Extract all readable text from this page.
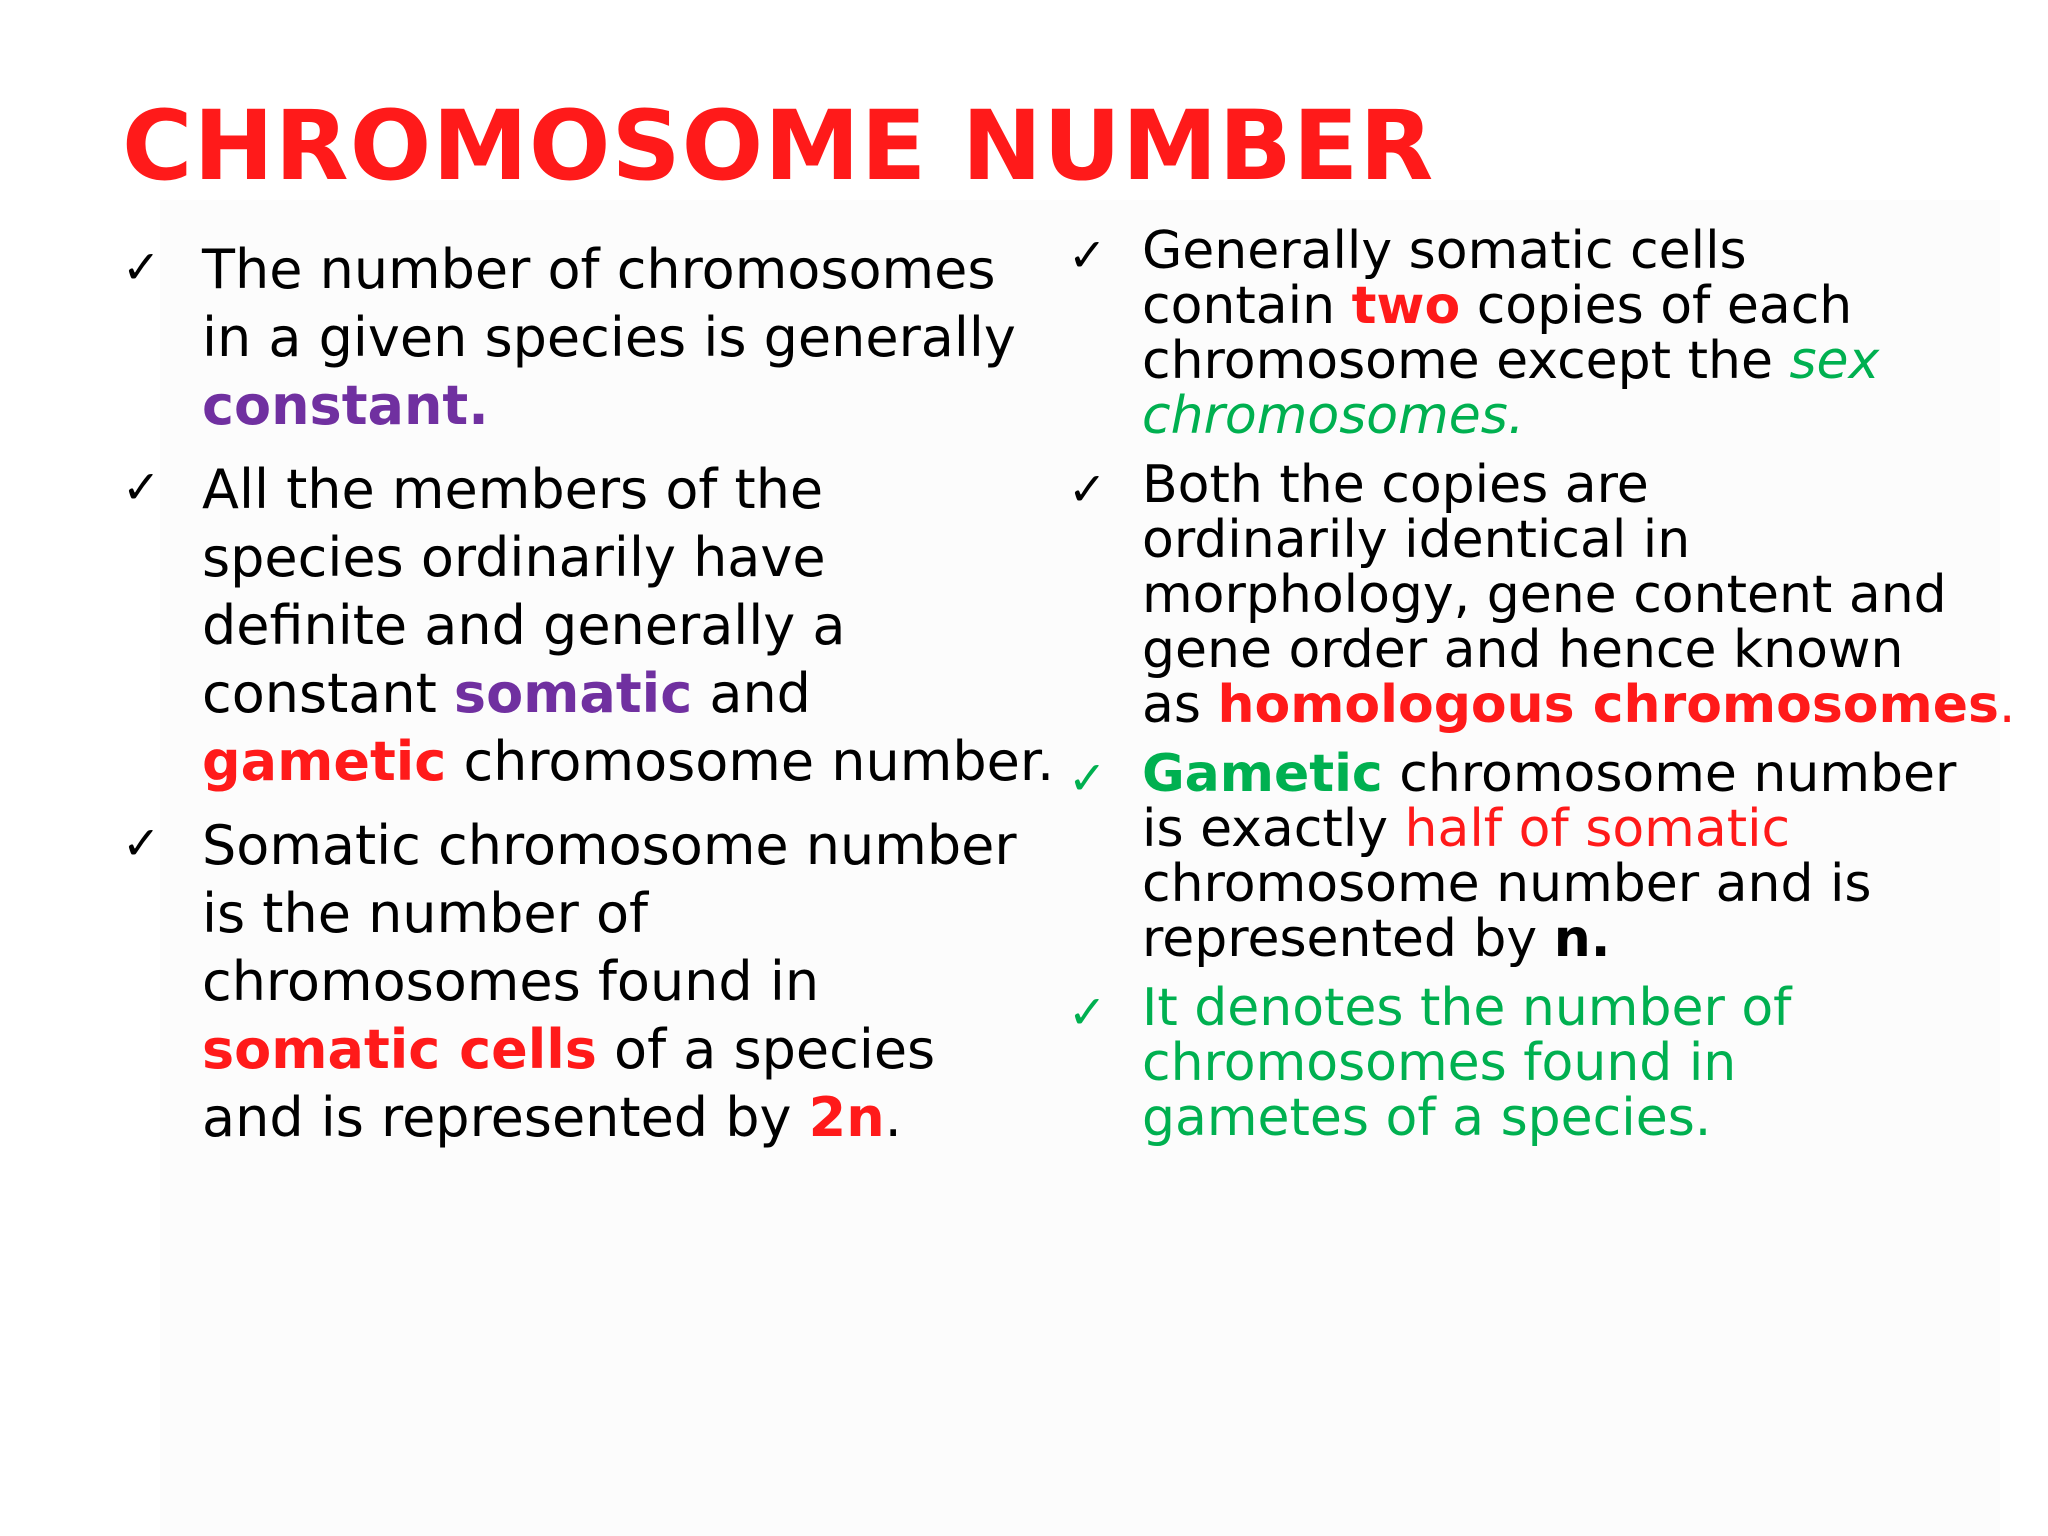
CHROMOSOME NUMBER
✓ The number of chromosomes
in a given species is generally
constant.
✓ All the members of the
species ordinarily have
definite and generally a
constant somatic and
gametic chromosome number.
✓ Somatic chromosome number
is the number of
chromosomes found in
somatic cells of a species
and is represented by 2n.
✓ Generally somatic cells
contain two copies of each
chromosome except the sex
chromosomes.
✓ Both the copies are
ordinarily identical in
morphology, gene content and
gene order and hence known
as homologous chromosomes.
✓ Gametic chromosome number
is exactly half of somatic
chromosome number and is
represented by n.
✓ It denotes the number of
chromosomes found in
gametes of a species.
